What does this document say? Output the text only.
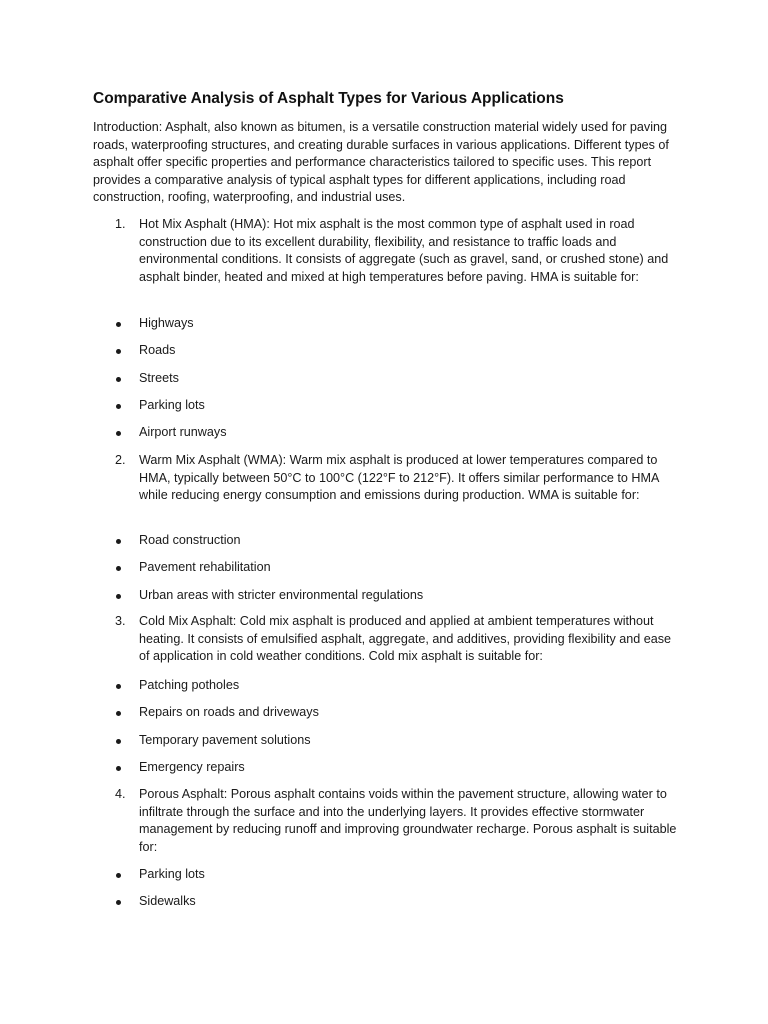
Comparative Analysis of Asphalt Types for Various Applications

Introduction: Asphalt, also known as bitumen, is a versatile construction material widely used for paving roads, waterproofing structures, and creating durable surfaces in various applications. Different types of asphalt offer specific properties and performance characteristics tailored to specific uses. This report provides a comparative analysis of typical asphalt types for different applications, including road construction, roofing, waterproofing, and industrial uses.

1. Hot Mix Asphalt (HMA): Hot mix asphalt is the most common type of asphalt used in road construction due to its excellent durability, flexibility, and resistance to traffic loads and environmental conditions. It consists of aggregate (such as gravel, sand, or crushed stone) and asphalt binder, heated and mixed at high temperatures before paving. HMA is suitable for:
Highways
Roads
Streets
Parking lots
Airport runways
2. Warm Mix Asphalt (WMA): Warm mix asphalt is produced at lower temperatures compared to HMA, typically between 50°C to 100°C (122°F to 212°F). It offers similar performance to HMA while reducing energy consumption and emissions during production. WMA is suitable for:
Road construction
Pavement rehabilitation
Urban areas with stricter environmental regulations
3. Cold Mix Asphalt: Cold mix asphalt is produced and applied at ambient temperatures without heating. It consists of emulsified asphalt, aggregate, and additives, providing flexibility and ease of application in cold weather conditions. Cold mix asphalt is suitable for:
Patching potholes
Repairs on roads and driveways
Temporary pavement solutions
Emergency repairs
4. Porous Asphalt: Porous asphalt contains voids within the pavement structure, allowing water to infiltrate through the surface and into the underlying layers. It provides effective stormwater management by reducing runoff and improving groundwater recharge. Porous asphalt is suitable for:
Parking lots
Sidewalks
